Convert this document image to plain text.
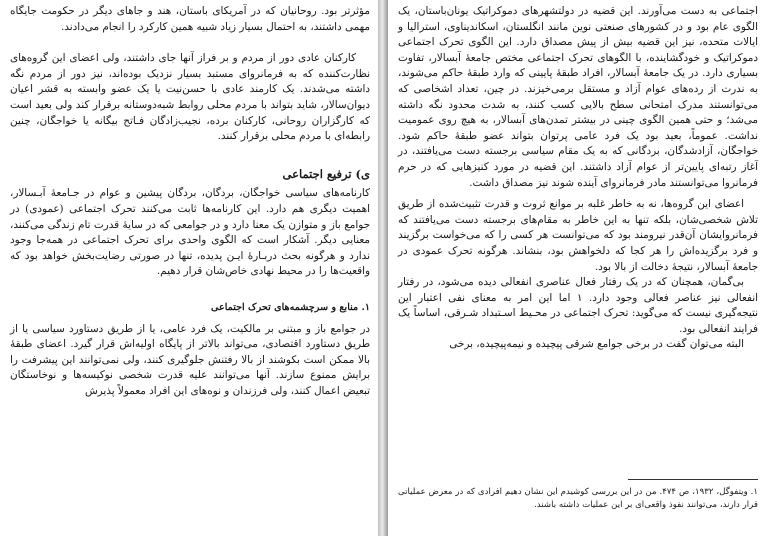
مؤثرتر بود. روحانیان که در آمریکای باستان، هند و جاهای دیگر در حکومت جایگاه مهمی داشتند، به احتمال بسیار زیاد شبیه همین کارکرد را انجام می‌دادند.

کارکنان عادی دور از مردم و بر فراز آنها جای داشتند، ولی اعضای این گروه‌های نظارت‌کننده که به فرمانروای مستبد بسیار نزدیک بوده‌اند، نیز دور از مردم نگه داشته می‌شدند. یک کارمند عادی با حسن‌نیت یا یک عضو وابسته به قشر اعیان دیوان‌سالار، شاید بتواند با مردم محلی روابط شبه‌دوستانه برقرار کند ولی بعید است که کارگزاران روحانی، کارکنان برده، نجیب‌زادگان فـاتح بیگانه یا خواجگان، چنین رابطه‌ای با مردم محلی برقرار کنند.

ی) ترفیع اجتماعی

کارنامه‌های سیاسی خواجگان، بردگان، بردگان پیشین و عوام در جـامعهٔ آبـسالار، اهمیت دیگری هم دارد. این کارنامه‌ها ثابت می‌کنند تحرک اجتماعی (عمودی) در جوامع باز و متوازن یک معنا دارد و در جوامعی که در سایهٔ قدرت تام زندگی می‌کنند، معنایی دیگر. آشکار است که الگوی واحدی برای تحرک اجتماعی در همه‌جا وجود ندارد و هرگونه بحث دربـارهٔ ایـن پدیده، تنها در صورتی رضایت‌بخش خواهد بود که واقعیت‌ها را در محیط نهادی خاص‌شان قرار دهیم.

۱. منابع و سرچشمه‌های تحرک اجتماعی

در جوامع باز و مبتنی بر مالکیت، یک فرد عامی، یا از طریق دستاورد سیاسی یا از طریق دستاورد اقتصادی، می‌تواند بالاتر از پایگاه اولیه‌اش قرار گیرد. اعضای طبقهٔ بالا ممکن است بکوشند از بالا رفتنش جلوگیری کنند، ولی نمی‌توانند این پیشرفت را برایش ممنوع سازند. آنها می‌توانند علیه قدرت شخصی نوکیسه‌ها و نوخاستگان تبعیض اعمال کنند، ولی فرزندان و نوه‌های این افراد معمولاً پذیرش

اجتماعی به دست می‌آورند. این قضیه در دولتشهرهای دموکراتیک یونان‌باستان، یک الگوی عام بود و در کشورهای صنعتی نوین مانند انگلستان، اسکاندیناوی، استرالیا و ایالات متحده، نیز این قضیه بیش از پیش مصداق دارد. این الگوی تحرک اجتماعی دموکراتیک و خودگشاینده، با الگوهای تحرک اجتماعی مختص جامعهٔ آبسالار، تفاوت بسیاری دارد. در یک جامعهٔ آبسالار، افراد طبقهٔ پایینی که وارد طبقهٔ حاکم می‌شوند، به ندرت از رده‌های عوام آزاد و مستقل برمی‌خیزند. در چین، تعداد اشخاصی که می‌توانستند مدرک امتحانی سطح بالایی کسب کنند، به شدت محدود نگه داشته می‌شد؛ و حتی همین الگوی چینی در بیشتر تمدن‌های آبسالار، به هیچ روی عمومیت نداشت. عموماً، بعید بود یک فرد عامی پرتوان بتواند عضو طبقهٔ حاکم شود. خواجگان، آزادشدگان، بردگانی که به یک مقام سیاسی برجسته دست می‌یافتند، در آغاز رتبه‌ای پایین‌تر از عوام آزاد داشتند. این قضیه در مورد کنیزهایی که در حرم فرمانروا می‌توانستند مادر فرمانروای آینده شوند نیز مصداق داشت.

اعضای این گروه‌ها، نه به خاطر غلبه بر موانع ثروت و قدرت تثبیت‌شده از طریق تلاش شخصی‌شان، بلکه تنها به این خاطر به مقام‌های برجسته دست می‌یافتند که فرمانروایشان آن‌قدر نیرومند بود که می‌توانست هر کسی را که می‌خواست برگزیند و فرد برگزیده‌اش را هر کجا که دلخواهش بود، بنشاند. هرگونه تحرک عمودی در جامعهٔ آبسالار، نتیجهٔ دخالت از بالا بود.

بی‌گمان، همچنان که در یک رفتار فعال عناصری انفعالی دیده می‌شود، در رفتار انفعالی نیز عناصر فعالی وجود دارد. ۱ اما این امر به معنای نفی اعتبار این نتیجه‌گیری نیست که می‌گوید: تحرک اجتماعی در محـیط اسـتبداد شـرقی، اساساً یک فرایند انفعالی بود.

البته می‌توان گفت در برخی جوامع شرقی پیچیده و نیمه‌پیچیده، برخی

۱. ویتفوگل، ۱۹۳۲، ص ۴۷۴. من در این بررسی کوشیدم این نشان دهیم افرادی که در معرض عملیاتی قرار دارند، می‌توانند نفوذ واقعی‌ای بر این عملیات داشته باشند.
